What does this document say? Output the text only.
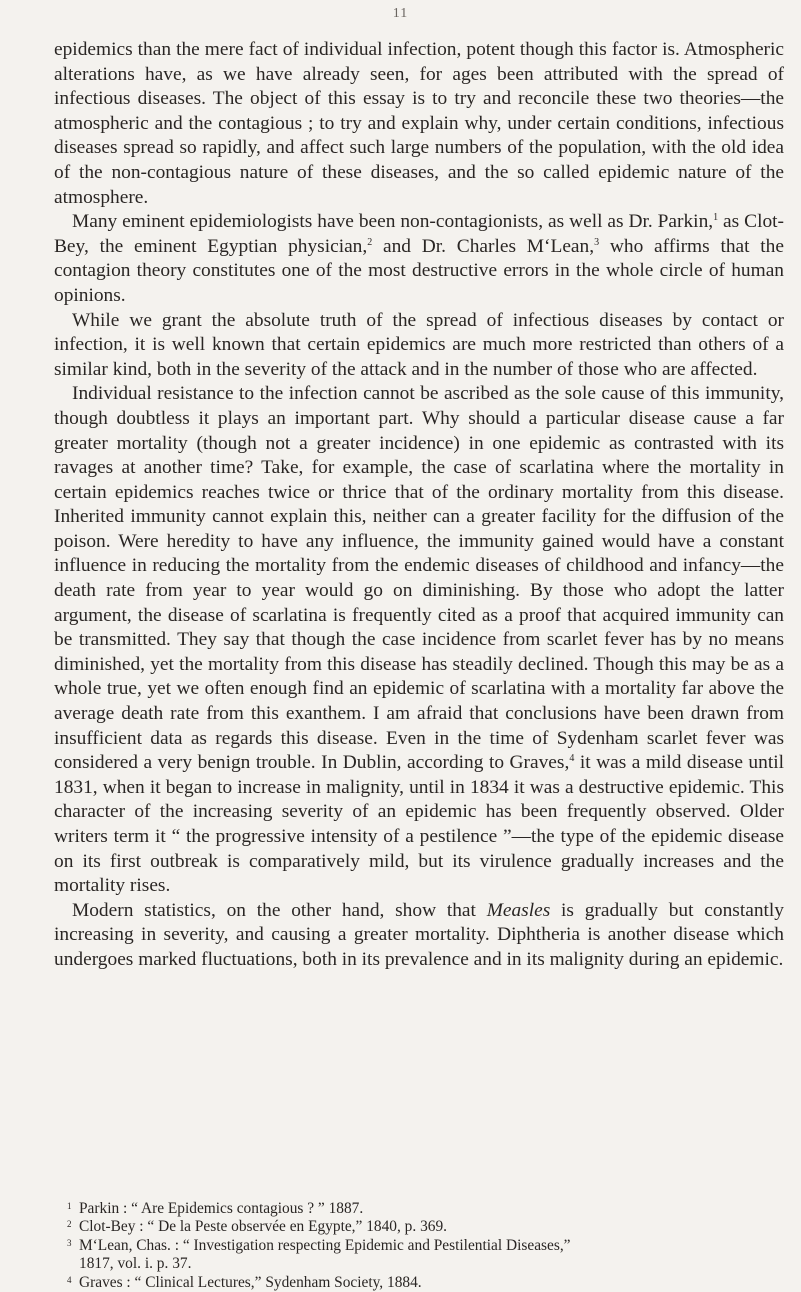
11

epidemics than the mere fact of individual infection, potent though this factor is. Atmospheric alterations have, as we have already seen, for ages been attributed with the spread of infectious diseases. The object of this essay is to try and reconcile these two theories—the atmospheric and the contagious ; to try and explain why, under certain conditions, infectious diseases spread so rapidly, and affect such large numbers of the population, with the old idea of the non-contagious nature of these diseases, and the so called epidemic nature of the atmosphere.

Many eminent epidemiologists have been non-contagionists, as well as Dr. Parkin,$^1$ as Clot-Bey, the eminent Egyptian physician,$^2$ and Dr. Charles M‘Lean,$^3$ who affirms that the contagion theory constitutes one of the most destructive errors in the whole circle of human opinions.

While we grant the absolute truth of the spread of infectious diseases by contact or infection, it is well known that certain epidemics are much more restricted than others of a similar kind, both in the severity of the attack and in the number of those who are affected.

Individual resistance to the infection cannot be ascribed as the sole cause of this immunity, though doubtless it plays an important part. Why should a particular disease cause a far greater mortality (though not a greater incidence) in one epidemic as contrasted with its ravages at another time? Take, for example, the case of scarlatina where the mortality in certain epidemics reaches twice or thrice that of the ordinary mortality from this disease. Inherited immunity cannot explain this, neither can a greater facility for the diffusion of the poison. Were heredity to have any influence, the immunity gained would have a constant influence in reducing the mortality from the endemic diseases of childhood and infancy—the death rate from year to year would go on diminishing. By those who adopt the latter argument, the disease of scarlatina is frequently cited as a proof that acquired immunity can be transmitted. They say that though the case incidence from scarlet fever has by no means diminished, yet the mortality from this disease has steadily declined. Though this may be as a whole true, yet we often enough find an epidemic of scarlatina with a mortality far above the average death rate from this exanthem. I am afraid that conclusions have been drawn from insufficient data as regards this disease. Even in the time of Sydenham scarlet fever was considered a very benign trouble. In Dublin, according to Graves,$^4$ it was a mild disease until 1831, when it began to increase in malignity, until in 1834 it was a destructive epidemic. This character of the increasing severity of an epidemic has been frequently observed. Older writers term it “ the progressive intensity of a pestilence ”—the type of the epidemic disease on its first outbreak is comparatively mild, but its virulence gradually increases and the mortality rises.

Modern statistics, on the other hand, show that Measles is gradually but constantly increasing in severity, and causing a greater mortality. Diphtheria is another disease which undergoes marked fluctuations, both in its prevalence and in its malignity during an epidemic.

1 Parkin : “ Are Epidemics contagious ? ” 1887.
2 Clot-Bey : “ De la Peste observée en Egypte,” 1840, p. 369.
3 M‘Lean, Chas. : “ Investigation respecting Epidemic and Pestilential Diseases,”
1817, vol. i. p. 37.
4 Graves : “ Clinical Lectures,” Sydenham Society, 1884.
